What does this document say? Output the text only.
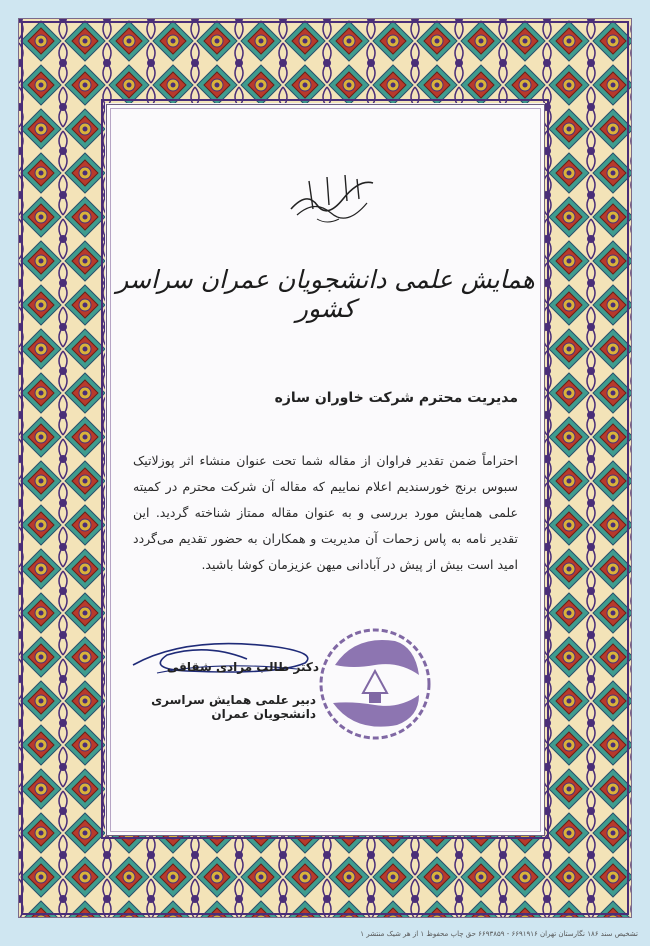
همایش علمی دانشجویان عمران سراسر کشور
مدیریت محترم شرکت خاوران سازه
احتراماً ضمن تقدیر فراوان از مقاله شما تحت عنوان منشاء اثر پوزلاتیک سبوس برنج خورسندیم اعلام نماییم که مقاله آن شرکت محترم در کمیته علمی همایش مورد بررسی و به عنوان مقاله ممتاز شناخته گردید. این تقدیر نامه به پاس زحمات آن مدیریت و همکاران به حضور تقدیم می‌گردد امید است بیش از پیش در آبادانی میهن عزیزمان کوشا باشید.
دکتر طالب مرادی شقاقی
دبیر علمی همایش سراسری دانشجویان عمران
تشخیص سند ۱۸۶ نگارستان تهران ۶۶۹۱۹۱۶ - ۶۶۹۳۸۵۹ حق چاپ محفوظ ۱ از هر شیک منتشر ۱
